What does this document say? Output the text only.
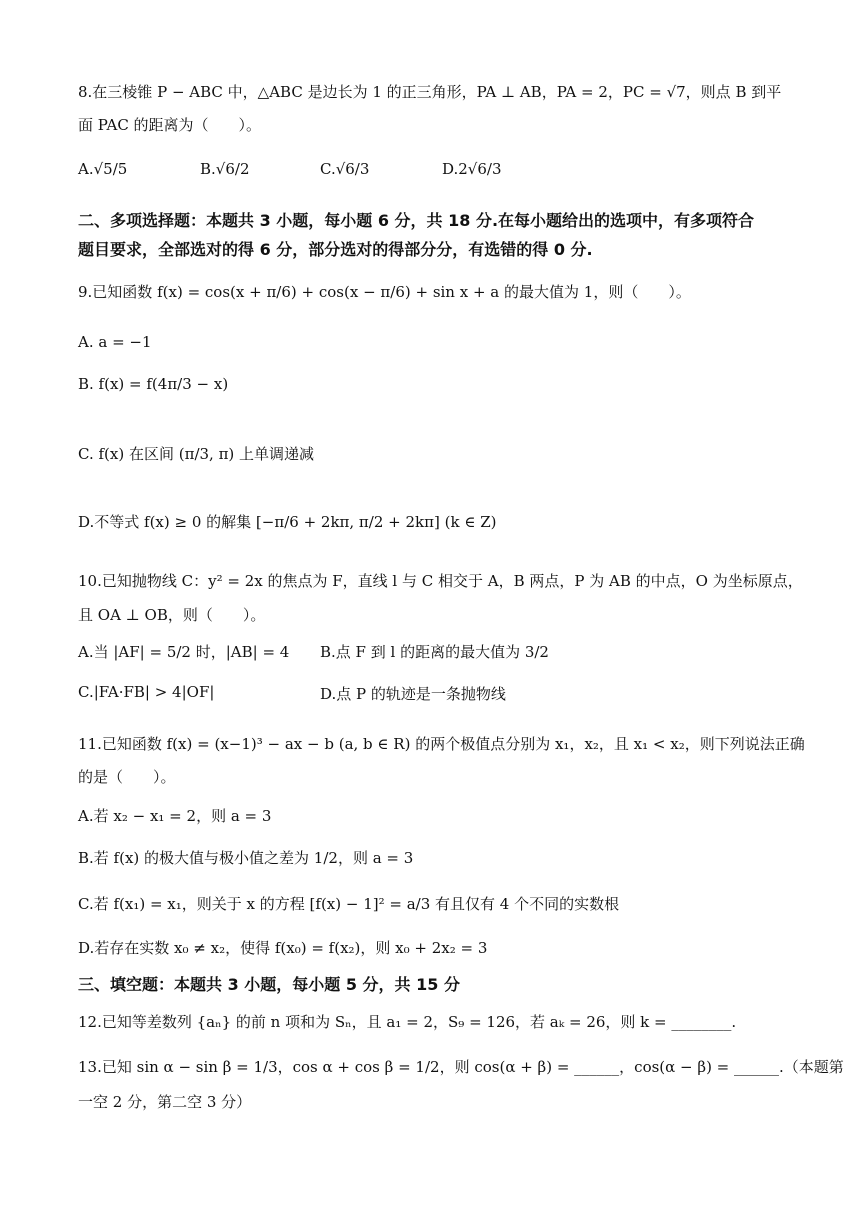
8.在三棱锥 P − ABC 中，△ABC 是边长为 1 的正三角形，PA ⊥ AB，PA = 2，PC = √7，则点 B 到平
面 PAC 的距离为（　　）。
A.√5/5	B.√6/2	C.√6/3	D.2√6/3
二、多项选择题：本题共 3 小题，每小题 6 分，共 18 分.在每小题给出的选项中，有多项符合
题目要求，全部选对的得 6 分，部分选对的得部分分，有选错的得 0 分.
9.已知函数 f(x) = cos(x + π/6) + cos(x − π/6) + sin x + a 的最大值为 1，则（　　）。
A. a = −1
B. f(x) = f(4π/3 − x)
C. f(x) 在区间 (π/3, π) 上单调递减
D.不等式 f(x) ≥ 0 的解集 [−π/6 + 2kπ, π/2 + 2kπ] (k ∈ Z)
10.已知抛物线 C：y² = 2x 的焦点为 F，直线 l 与 C 相交于 A，B 两点，P 为 AB 的中点，O 为坐标原点，
且 OA ⊥ OB，则（　　）。
A.当 |AF| = 5/2 时，|AB| = 4 B.点 F 到 l 的距离的最大值为 3/2
C.|FA·FB| > 4|OF|	D.点 P 的轨迹是一条抛物线
11.已知函数 f(x) = (x−1)³ − ax − b (a, b ∈ R) 的两个极值点分别为 x₁，x₂，且 x₁ < x₂，则下列说法正确
的是（　　）。
A.若 x₂ − x₁ = 2，则 a = 3
B.若 f(x) 的极大值与极小值之差为 1/2，则 a = 3
C.若 f(x₁) = x₁，则关于 x 的方程 [f(x) − 1]² = a/3 有且仅有 4 个不同的实数根
D.若存在实数 x₀ ≠ x₂，使得 f(x₀) = f(x₂)，则 x₀ + 2x₂ = 3
三、填空题：本题共 3 小题，每小题 5 分，共 15 分
12.已知等差数列 {aₙ} 的前 n 项和为 Sₙ，且 a₁ = 2，S₉ = 126，若 aₖ = 26，则 k = ________.
13.已知 sin α − sin β = 1/3，cos α + cos β = 1/2，则 cos(α + β) = ______，cos(α − β) = ______.（本题第
一空 2 分，第二空 3 分）
